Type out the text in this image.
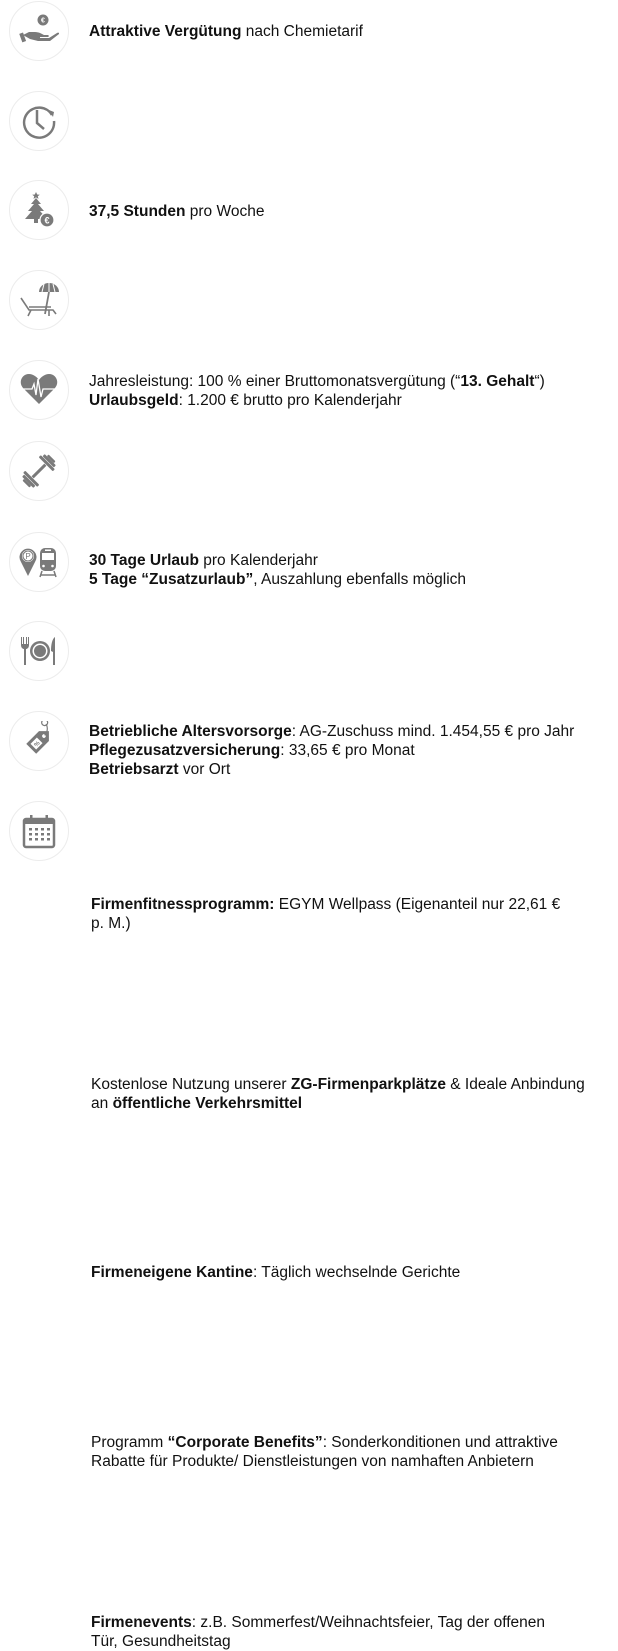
€
Attraktive Vergütung nach Chemietarif
37,5 Stunden pro Woche
€
Jahresleistung: 100 % einer Bruttomonatsvergütung (“13. Gehalt“)
Urlaubsgeld: 1.200 € brutto pro Kalenderjahr
30 Tage Urlaub pro Kalenderjahr
5 Tage “Zusatzurlaub”, Auszahlung ebenfalls möglich
Betriebliche Altersvorsorge: AG-Zuschuss mind. 1.454,55 € pro Jahr
Pflegezusatzversicherung: 33,65 € pro Monat
Betriebsarzt vor Ort
Firmenfitnessprogramm: EGYM Wellpass (Eigenanteil nur 22,61 €
p. M.)
P
Kostenlose Nutzung unserer ZG-Firmenparkplätze & Ideale Anbindung
an öffentliche Verkehrsmittel
Firmeneigene Kantine: Täglich wechselnde Gerichte
%
Programm “Corporate Benefits”: Sonderkonditionen und attraktive
Rabatte für Produkte/ Dienstleistungen von namhaften Anbietern
Firmenevents: z.B. Sommerfest/Weihnachtsfeier, Tag der offenen
Tür, Gesundheitstag
